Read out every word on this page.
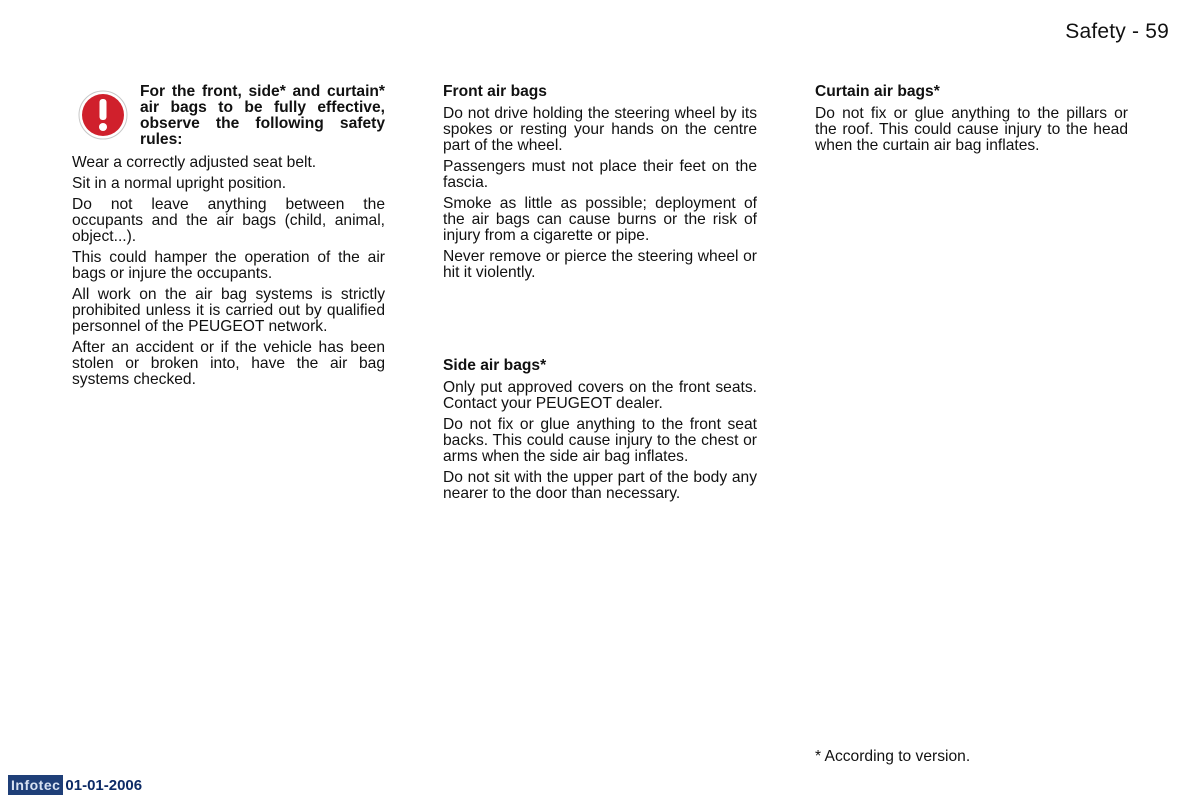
Safety - 59
For the front, side* and curtain* air bags to be fully effective, observe the following safety rules:

Wear a correctly adjusted seat belt.

Sit in a normal upright position.

Do not leave anything between the occupants and the air bags (child, animal, object...).

This could hamper the operation of the air bags or injure the occupants.

All work on the air bag systems is strictly prohibited unless it is carried out by qualified personnel of the PEUGEOT network.

After an accident or if the vehicle has been stolen or broken into, have the air bag systems checked.

Front air bags

Do not drive holding the steering wheel by its spokes or resting your hands on the centre part of the wheel.

Passengers must not place their feet on the fascia.

Smoke as little as possible; deployment of the air bags can cause burns or the risk of injury from a cigarette or pipe.

Never remove or pierce the steering wheel or hit it violently.

Side air bags*

Only put approved covers on the front seats. Contact your PEUGEOT dealer.

Do not fix or glue anything to the front seat backs. This could cause injury to the chest or arms when the side air bag inflates.

Do not sit with the upper part of the body any nearer to the door than necessary.

Curtain air bags*

Do not fix or glue anything to the pillars or the roof. This could cause injury to the head when the curtain air bag inflates.

* According to version.
Infotec 01-01-2006
